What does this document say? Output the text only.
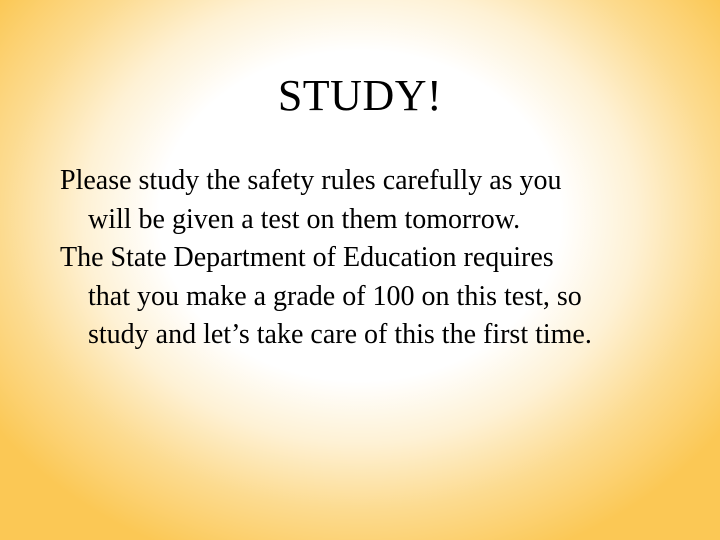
STUDY!
Please study the safety rules carefully as you
will be given a test on them tomorrow.
The State Department of Education requires
that you make a grade of 100 on this test, so
study and let’s take care of this the first time.
